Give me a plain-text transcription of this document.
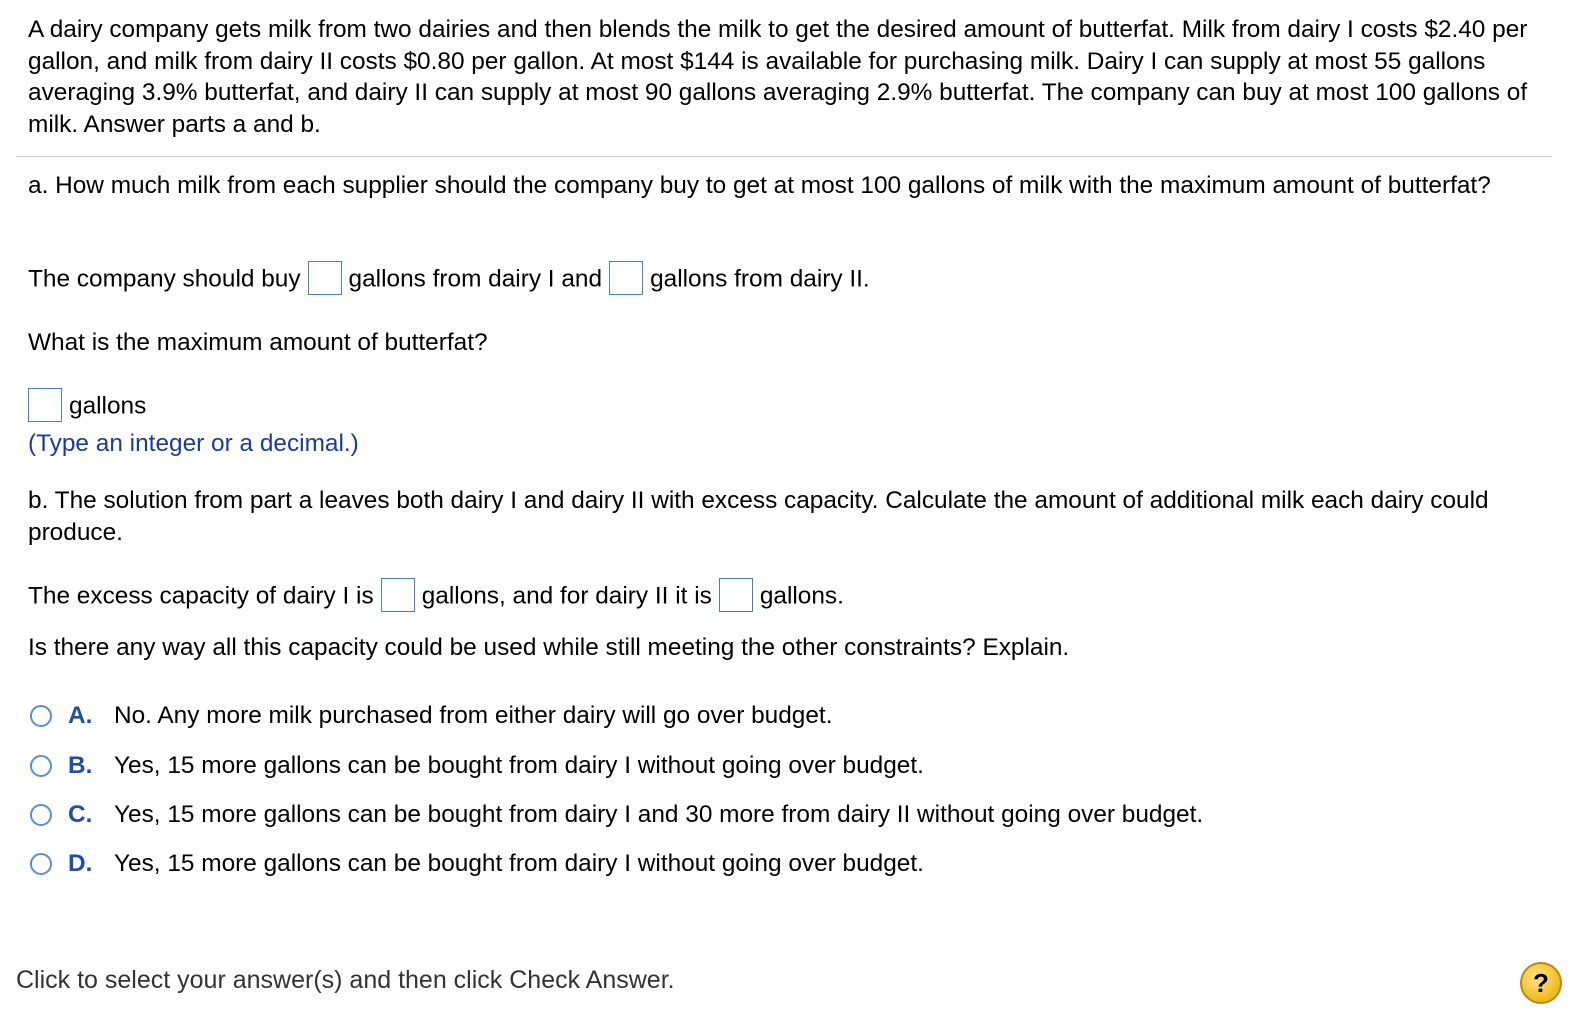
A dairy company gets milk from two dairies and then blends the milk to get the desired amount of butterfat. Milk from dairy I costs $2.40 per gallon, and milk from dairy II costs $0.80 per gallon. At most $144 is available for purchasing milk. Dairy I can supply at most 55 gallons averaging 3.9% butterfat, and dairy II can supply at most 90 gallons averaging 2.9% butterfat. The company can buy at most 100 gallons of milk. Answer parts a and b.
a. How much milk from each supplier should the company buy to get at most 100 gallons of milk with the maximum amount of butterfat?
The company should buy gallons from dairy I and gallons from dairy II.
What is the maximum amount of butterfat?
gallons
(Type an integer or a decimal.)
b. The solution from part a leaves both dairy I and dairy II with excess capacity. Calculate the amount of additional milk each dairy could produce.
The excess capacity of dairy I is gallons, and for dairy II it is gallons.
Is there any way all this capacity could be used while still meeting the other constraints? Explain.
A. No. Any more milk purchased from either dairy will go over budget.
B. Yes, 15 more gallons can be bought from dairy I without going over budget.
C. Yes, 15 more gallons can be bought from dairy I and 30 more from dairy II without going over budget.
D. Yes, 15 more gallons can be bought from dairy I without going over budget.
Click to select your answer(s) and then click Check Answer.	?
